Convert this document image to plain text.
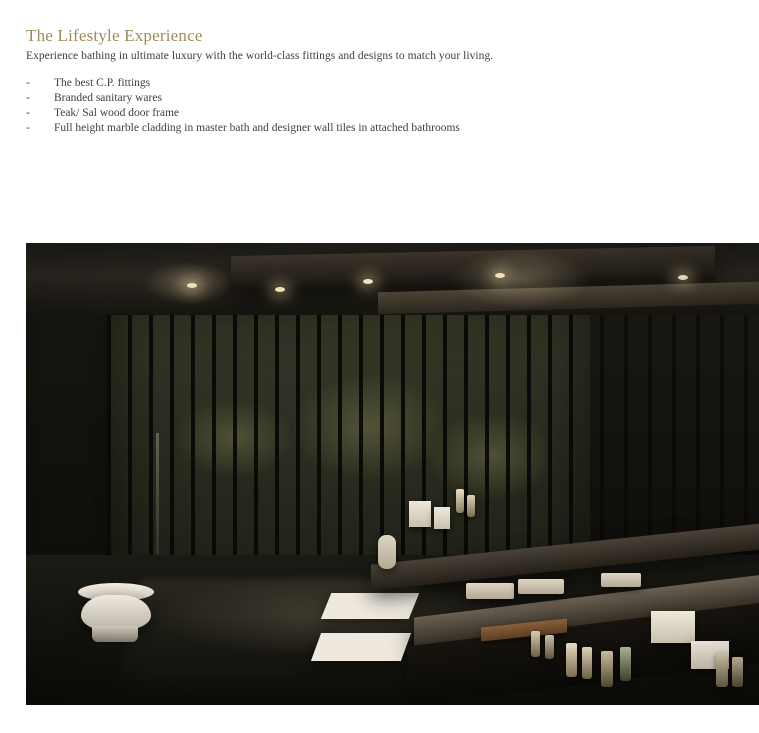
The Lifestyle Experience
Experience bathing in ultimate luxury with the world-class fittings and designs to match your living.
-	The best C.P. fittings
-	Branded sanitary wares
-	Teak/ Sal wood door frame
-	Full height marble cladding in master bath and designer wall tiles in attached bathrooms
